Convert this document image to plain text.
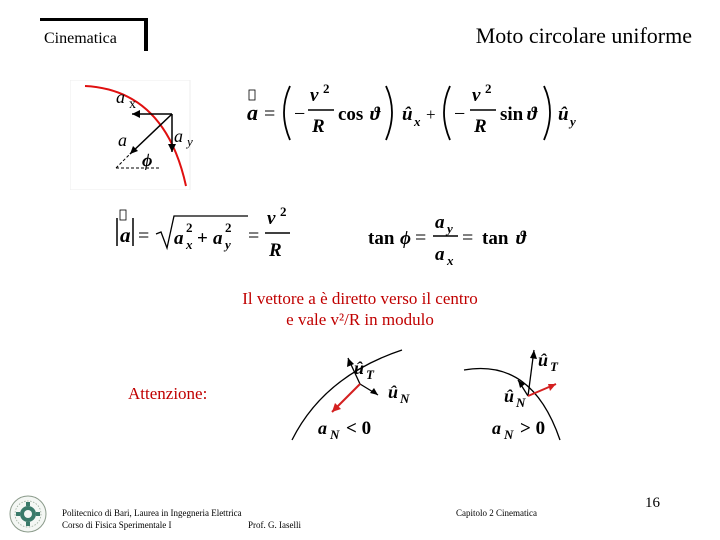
Cinematica	Moto circolare uniforme
a x
a y
a
ϕ
a = −
v 2
R
cos ϑ û x + −
v 2
R
sin ϑ û y
a = a
2
x + a
2
y =
v 2
R
tan ϕ =
a y
a x
= tan ϑ
Il vettore a è diretto verso il centro
e vale v²/R in modulo
Attenzione:
û T
û N
a N < 0
û T
û N
a N > 0
Politecnico di Bari, Laurea in Ingegneria Elettrica
Corso di Fisica Sperimentale I	Prof. G. Iaselli
Capitolo 2 Cinematica
16
